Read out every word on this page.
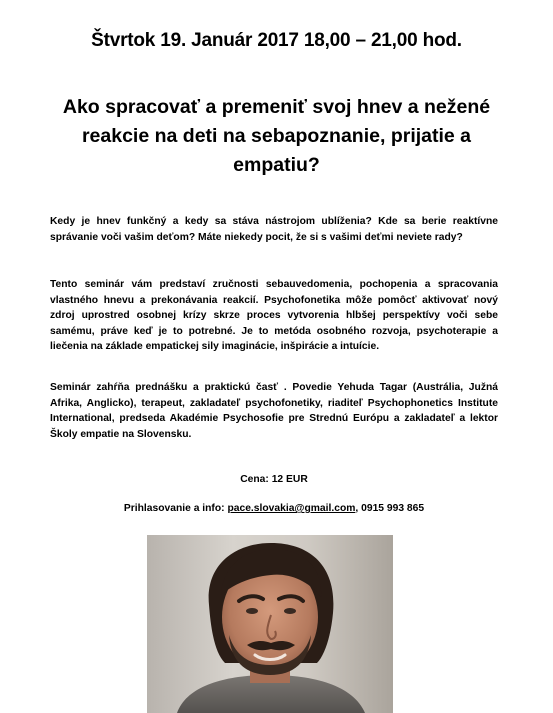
Štvrtok 19. Január 2017 18,00 – 21,00 hod.
Ako spracovať a premeniť svoj hnev a nežené reakcie na deti na sebapoznanie, prijatie a empatiu?

Kedy je hnev funkčný a kedy sa stáva nástrojom ublíženia? Kde sa berie reaktívne správanie voči vašim deťom? Máte niekedy pocit, že si s vašimi deťmi neviete rady?

Tento seminár vám predstaví zručnosti sebauvedomenia, pochopenia a spracovania vlastného hnevu a prekonávania reakcií. Psychofonetika môže pomôcť aktivovať nový zdroj uprostred osobnej krízy skrze proces vytvorenia hlbšej perspektívy voči sebe samému, práve keď je to potrebné. Je to metóda osobného rozvoja, psychoterapie a liečenia na základe empatickej sily imaginácie, inšpirácie a intuície.

Seminár zahŕňa prednášku a praktickú časť . Povedie Yehuda Tagar (Austrália, Južná Afrika, Anglicko), terapeut, zakladateľ psychofonetiky, riaditeľ Psychophonetics Institute International, predseda Akadémie Psychosofie pre Strednú Európu a zakladateľ a lektor Školy empatie na Slovensku.

Cena: 12 EUR
Prihlasovanie a info: pace.slovakia@gmail.com, 0915 993 865
